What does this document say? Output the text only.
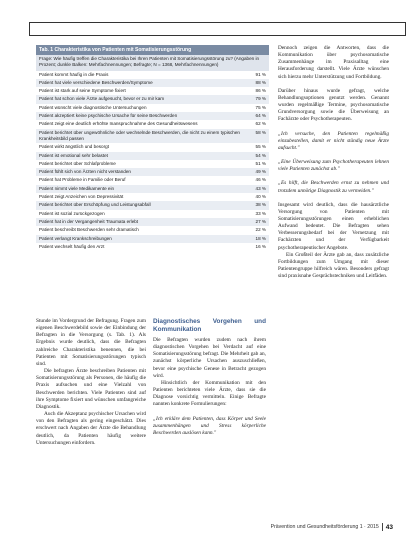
Tab. 1 Charakteristika von Patienten mit Somatisierungsstörung
Frage: Wie häufig treffen die Charakteristika bei Ihren Patienten mit Somatisierungsstörung zu? (Angaben in Prozent; dunkle Balken: Mehrfachnennungen; Befragte; N = 1368, Mehrfachnennungen)
Patient kommt häufig in die Praxis	91 %
Patient hat viele verschiedene Beschwerden/Symptome	88 %
Patient ist stark auf seine Symptome fixiert	86 %
Patient hat schon viele Ärzte aufgesucht, bevor er zu mir kam	79 %
Patient wünscht viele diagnostische Untersuchungen	75 %
Patient akzeptiert keine psychische Ursache für seine Beschwerden	64 %
Patient zeigt eine deutlich erhöhte Inanspruchnahme des Gesundheitswesens	62 %
Patient berichtet über ungewöhnliche oder wechselnde Beschwerden, die nicht zu einem typischen Krankheitsbild passen
58 %
Patient wirkt ängstlich und besorgt	55 %
Patient ist emotional sehr belastet	54 %
Patient berichtet über Schlafprobleme	51 %
Patient fühlt sich von Ärzten nicht verstanden	49 %
Patient hat Probleme in Familie oder Beruf	46 %
Patient nimmt viele Medikamente ein	43 %
Patient zeigt Anzeichen von Depressivität	40 %
Patient berichtet über Erschöpfung und Leistungsabfall	38 %
Patient ist sozial zurückgezogen	33 %
Patient hat in der Vergangenheit Traumata erlebt	27 %
Patient beschreibt Beschwerden sehr dramatisch	22 %
Patient verlangt Krankschreibungen	18 %
Patient wechselt häufig den Arzt	16 %

Stunde im Vordergrund der Befragung. Fragen zum eigenen Beschwerdebild sowie der Einbindung der Befragten in die Versorgung (s. Tab. 1). Als Ergebnis wurde deutlich, dass die Befragten zahlreiche Charakteristika benennen, die bei Patienten mit Somatisierungsstörungen typisch sind.

Die befragten Ärzte beschreiben Patienten mit Somatisierungsstörung als Personen, die häufig die Praxis aufsuchen und eine Vielzahl von Beschwerden berichten. Viele Patienten sind auf ihre Symptome fixiert und wünschen umfangreiche Diagnostik.

Auch die Akzeptanz psychischer Ursachen wird von den Befragten als gering eingeschätzt. Dies erschwert nach Angaben der Ärzte die Behandlung deutlich, da Patienten häufig weitere Untersuchungen einfordern.

Diagnostisches Vorgehen und Kommunikation

Die Befragten wurden zudem nach ihrem diagnostischen Vorgehen bei Verdacht auf eine Somatisierungsstörung befragt. Die Mehrheit gab an, zunächst körperliche Ursachen auszuschließen, bevor eine psychische Genese in Betracht gezogen wird.

Hinsichtlich der Kommunikation mit den Patienten berichteten viele Ärzte, dass sie die Diagnose vorsichtig vermitteln. Einige Befragte nannten konkrete Formulierungen:

„Ich erkläre dem Patienten, dass Körper und Seele zusammenhängen und Stress körperliche Beschwerden auslösen kann."

Dennoch zeigen die Antworten, dass die Kommunikation über psychosomatische Zusammenhänge im Praxisalltag eine Herausforderung darstellt. Viele Ärzte wünschen sich hierzu mehr Unterstützung und Fortbildung.

Darüber hinaus wurde gefragt, welche Behandlungsoptionen genutzt werden. Genannt wurden regelmäßige Termine, psychosomatische Grundversorgung sowie die Überweisung an Fachärzte oder Psychotherapeuten.

„Ich versuche, den Patienten regelmäßig einzubestellen, damit er nicht ständig neue Ärzte aufsucht."

„Eine Überweisung zum Psychotherapeuten lehnen viele Patienten zunächst ab."

„Es hilft, die Beschwerden ernst zu nehmen und trotzdem unnötige Diagnostik zu vermeiden."

Insgesamt wird deutlich, dass die hausärztliche Versorgung von Patienten mit Somatisierungsstörungen einen erheblichen Aufwand bedeutet. Die Befragten sehen Verbesserungsbedarf bei der Vernetzung mit Fachärzten und der Verfügbarkeit psychotherapeutischer Angebote.

Ein Großteil der Ärzte gab an, dass zusätzliche Fortbildungen zum Umgang mit dieser Patientengruppe hilfreich wären. Besonders gefragt sind praxisnahe Gesprächstechniken und Leitfäden.

Prävention und Gesundheitsförderung 1 · 2015 43
